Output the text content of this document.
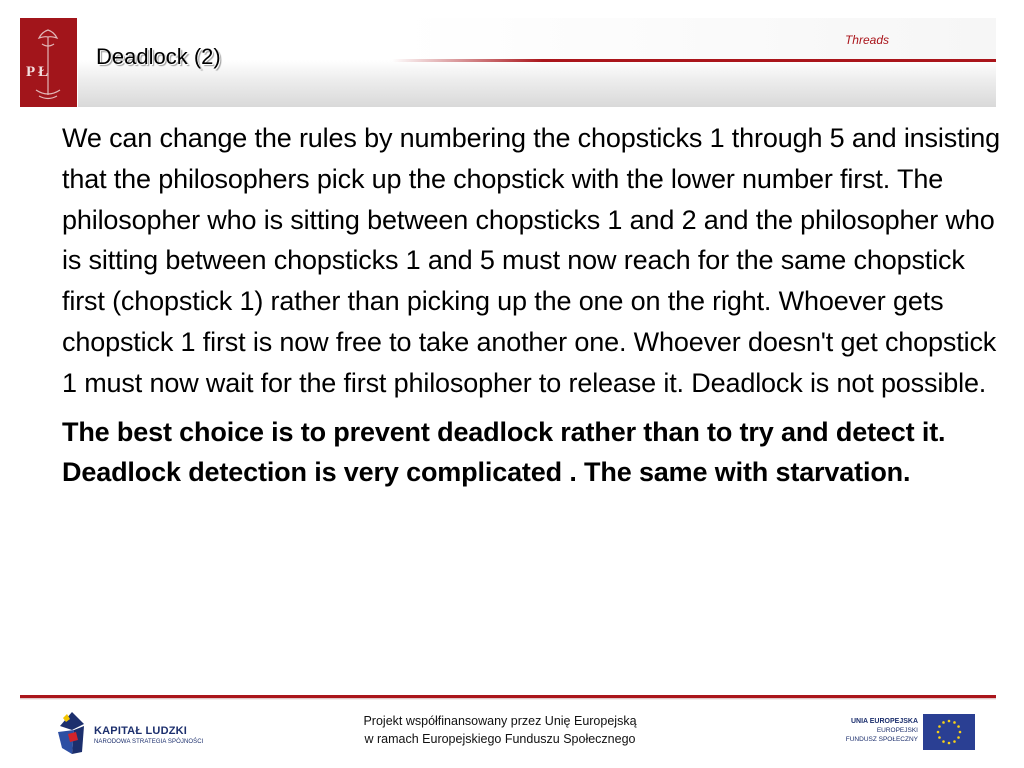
P Ł
Deadlock (2)
Threads

We can change the rules by numbering the chopsticks 1 through 5 and insisting that the philosophers pick up the chopstick with the lower number first. The philosopher who is sitting between chopsticks 1 and 2 and the philosopher who is sitting between chopsticks 1 and 5 must now reach for the same chopstick first (chopstick 1) rather than picking up the one on the right. Whoever gets chopstick 1 first is now free to take another one. Whoever doesn't get chopstick 1 must now wait for the first philosopher to release it. Deadlock is not possible.

The best choice is to prevent deadlock rather than to try and detect it. Deadlock detection is very complicated . The same with starvation.

KAPITAŁ LUDZKI
NARODOWA STRATEGIA SPÓJNOŚCI
Projekt współfinansowany przez Unię Europejską
w ramach Europejskiego Funduszu Społecznego
UNIA EUROPEJSKA
EUROPEJSKI
FUNDUSZ SPOŁECZNY
